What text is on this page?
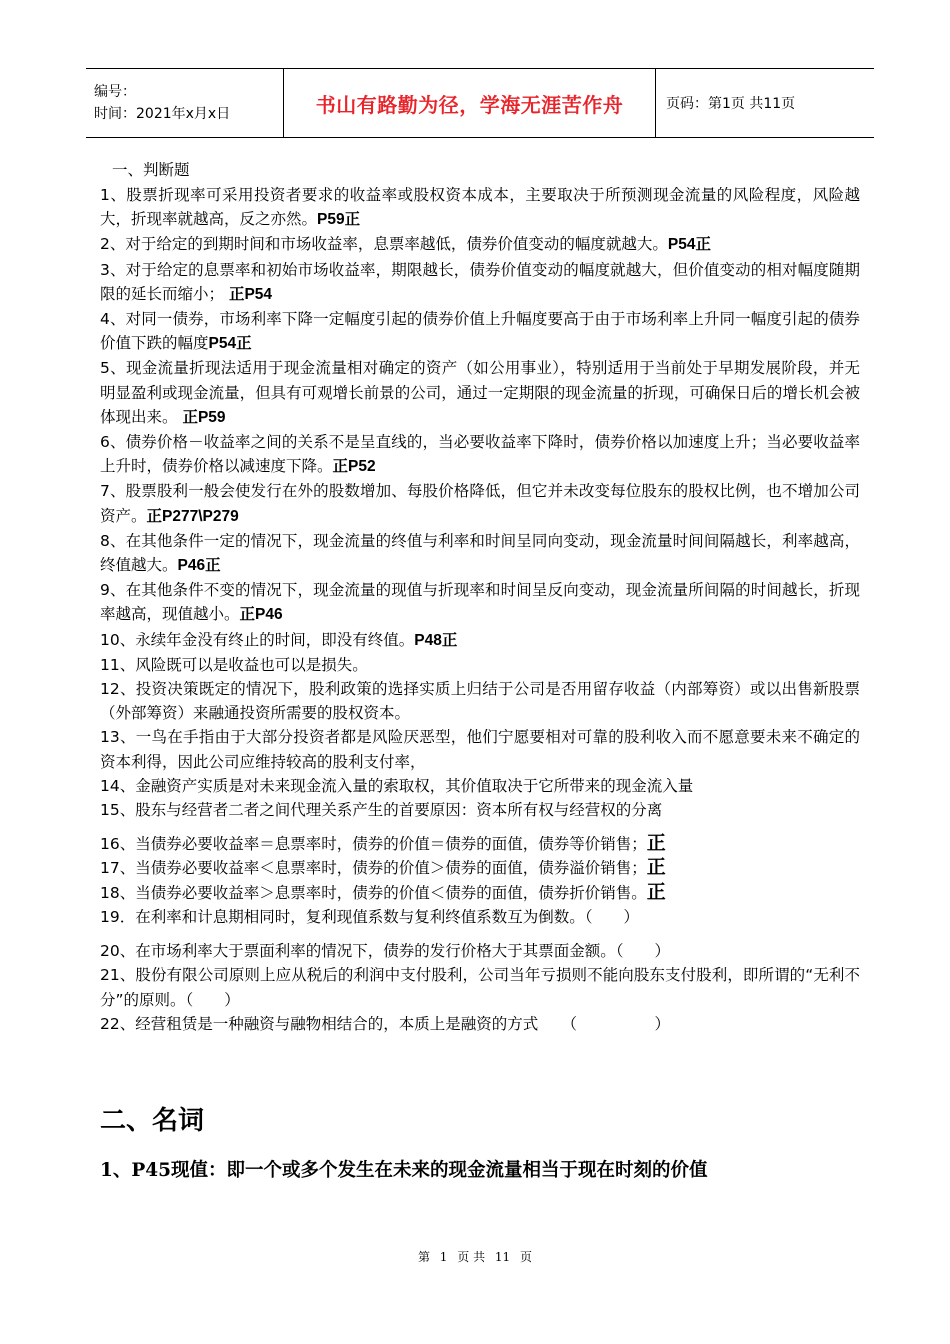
编号：
时间：2021年x月x日	书山有路勤为径，学海无涯苦作舟	页码：第1页 共11页

一、判断题

1、股票折现率可采用投资者要求的收益率或股权资本成本，主要取决于所预测现金流量的风险程度，风险越大，折现率就越高，反之亦然。P59正

2、对于给定的到期时间和市场收益率，息票率越低，债券价值变动的幅度就越大。P54正

3、对于给定的息票率和初始市场收益率，期限越长，债券价值变动的幅度就越大，但价值变动的相对幅度随期限的延长而缩小； 正P54

4、对同一债券，市场利率下降一定幅度引起的债券价值上升幅度要高于由于市场利率上升同一幅度引起的债券价值下跌的幅度P54正

5、现金流量折现法适用于现金流量相对确定的资产（如公用事业），特别适用于当前处于早期发展阶段，并无明显盈利或现金流量，但具有可观增长前景的公司，通过一定期限的现金流量的折现，可确保日后的增长机会被体现出来。 正P59

6、债券价格－收益率之间的关系不是呈直线的，当必要收益率下降时，债券价格以加速度上升；当必要收益率上升时，债券价格以减速度下降。正P52

7、股票股利一般会使发行在外的股数增加、每股价格降低，但它并未改变每位股东的股权比例，也不增加公司资产。正P277\P279

8、在其他条件一定的情况下，现金流量的终值与利率和时间呈同向变动，现金流量时间间隔越长，利率越高，终值越大。P46正

9、在其他条件不变的情况下，现金流量的现值与折现率和时间呈反向变动，现金流量所间隔的时间越长，折现率越高，现值越小。正P46

10、永续年金没有终止的时间，即没有终值。P48正

11、风险既可以是收益也可以是损失。

12、投资决策既定的情况下，股利政策的选择实质上归结于公司是否用留存收益（内部筹资）或以出售新股票（外部筹资）来融通投资所需要的股权资本。

13、一鸟在手指由于大部分投资者都是风险厌恶型，他们宁愿要相对可靠的股利收入而不愿意要未来不确定的资本利得，因此公司应维持较高的股利支付率，

14、金融资产实质是对未来现金流入量的索取权，其价值取决于它所带来的现金流入量

15、股东与经营者二者之间代理关系产生的首要原因：资本所有权与经营权的分离

16、当债券必要收益率＝息票率时，债券的价值＝债券的面值，债券等价销售；正

17、当债券必要收益率＜息票率时，债券的价值＞债券的面值，债券溢价销售；正

18、当债券必要收益率＞息票率时，债券的价值＜债券的面值，债券折价销售。正

19．在利率和计息期相同时，复利现值系数与复利终值系数互为倒数。（　　）

20、在市场利率大于票面利率的情况下，债券的发行价格大于其票面金额。（　　）

21、股份有限公司原则上应从税后的利润中支付股利，公司当年亏损则不能向股东支付股利，即所谓的“无利不分”的原则。（　　）

22、经营租赁是一种融资与融物相结合的，本质上是融资的方式　　（　　　　　）

二、名词

1、P45现值：即一个或多个发生在未来的现金流量相当于现在时刻的价值

第 1 页 共 11 页
